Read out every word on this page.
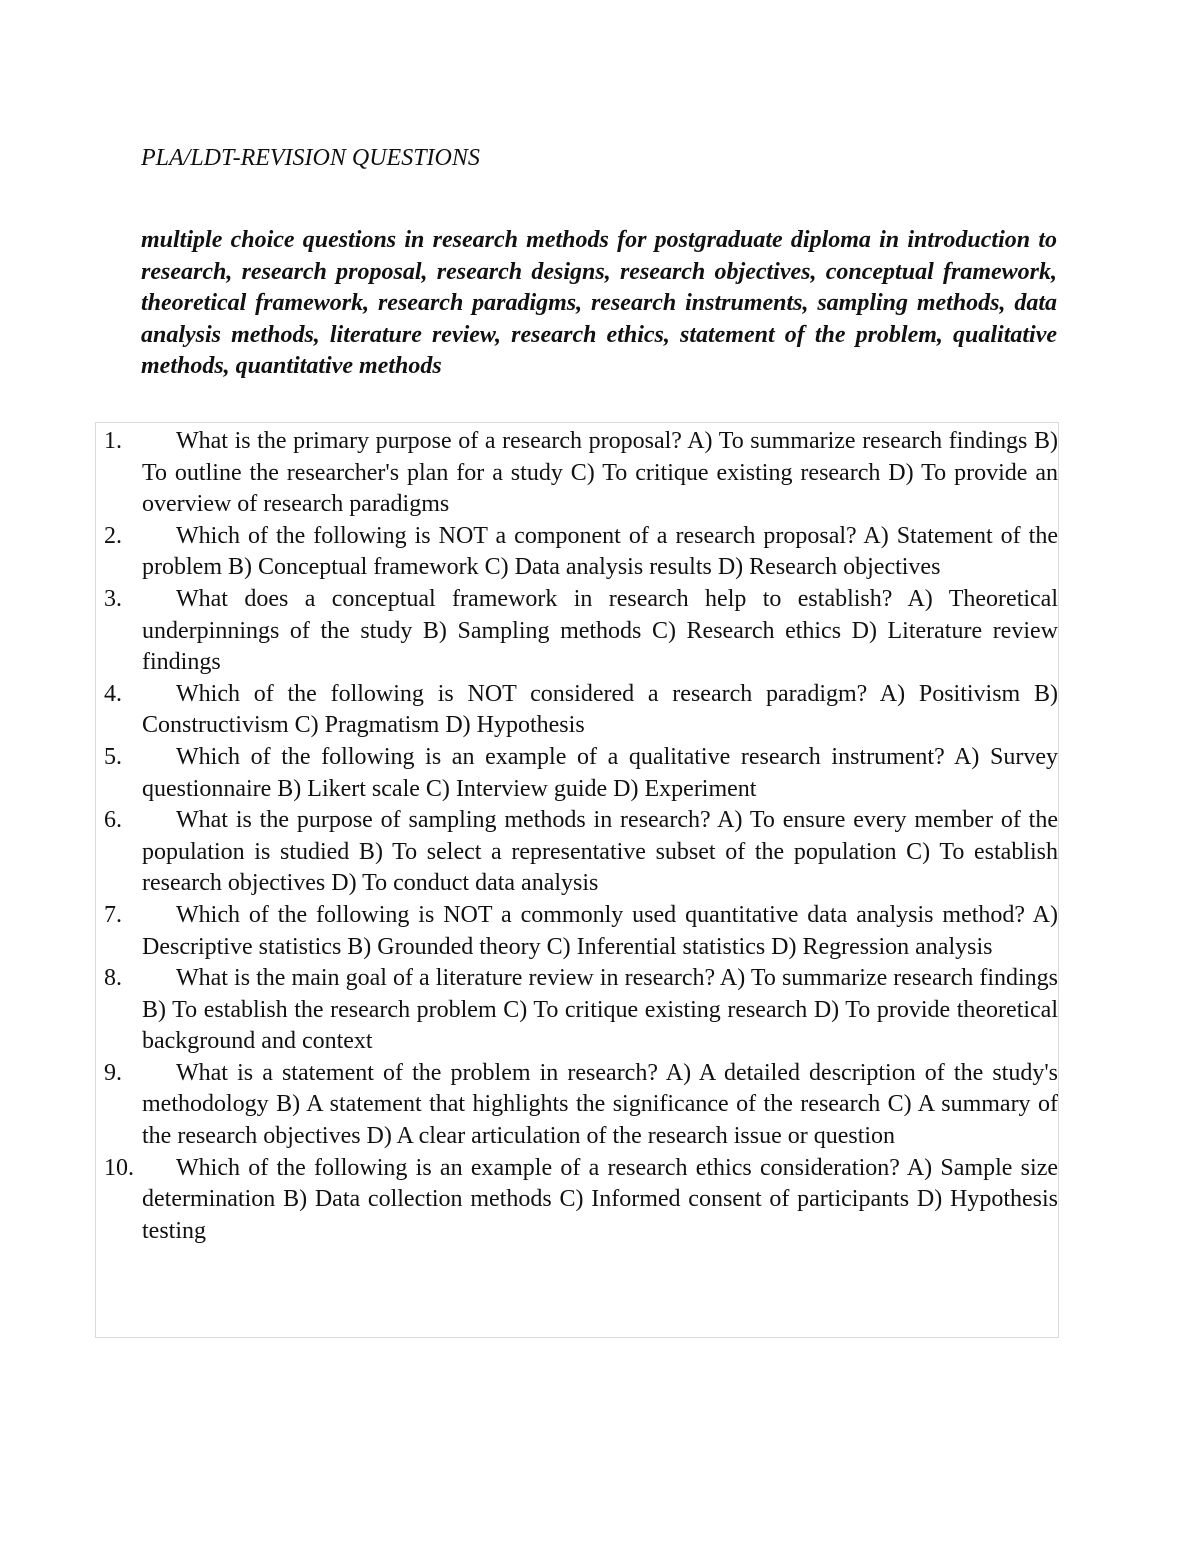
PLA/LDT-REVISION QUESTIONS
multiple choice questions in research methods for postgraduate diploma in introduction to research, research proposal, research designs, research objectives, conceptual framework, theoretical framework, research paradigms, research instruments, sampling methods, data analysis methods, literature review, research ethics, statement of the problem, qualitative methods, quantitative methods
1.	What is the primary purpose of a research proposal? A) To summarize research findings B) To outline the researcher's plan for a study C) To critique existing research D) To provide an overview of research paradigms
2.	Which of the following is NOT a component of a research proposal? A) Statement of the problem B) Conceptual framework C) Data analysis results D) Research objectives
3.	What does a conceptual framework in research help to establish? A) Theoretical underpinnings of the study B) Sampling methods C) Research ethics D) Literature review findings
4.	Which of the following is NOT considered a research paradigm? A) Positivism B) Constructivism C) Pragmatism D) Hypothesis
5.	Which of the following is an example of a qualitative research instrument? A) Survey questionnaire B) Likert scale C) Interview guide D) Experiment
6.	What is the purpose of sampling methods in research? A) To ensure every member of the population is studied B) To select a representative subset of the population C) To establish research objectives D) To conduct data analysis
7.	Which of the following is NOT a commonly used quantitative data analysis method? A) Descriptive statistics B) Grounded theory C) Inferential statistics D) Regression analysis
8.	What is the main goal of a literature review in research? A) To summarize research findings B) To establish the research problem C) To critique existing research D) To provide theoretical background and context
9.	What is a statement of the problem in research? A) A detailed description of the study's methodology B) A statement that highlights the significance of the research C) A summary of the research objectives D) A clear articulation of the research issue or question
10.	Which of the following is an example of a research ethics consideration? A) Sample size determination B) Data collection methods C) Informed consent of participants D) Hypothesis testing
